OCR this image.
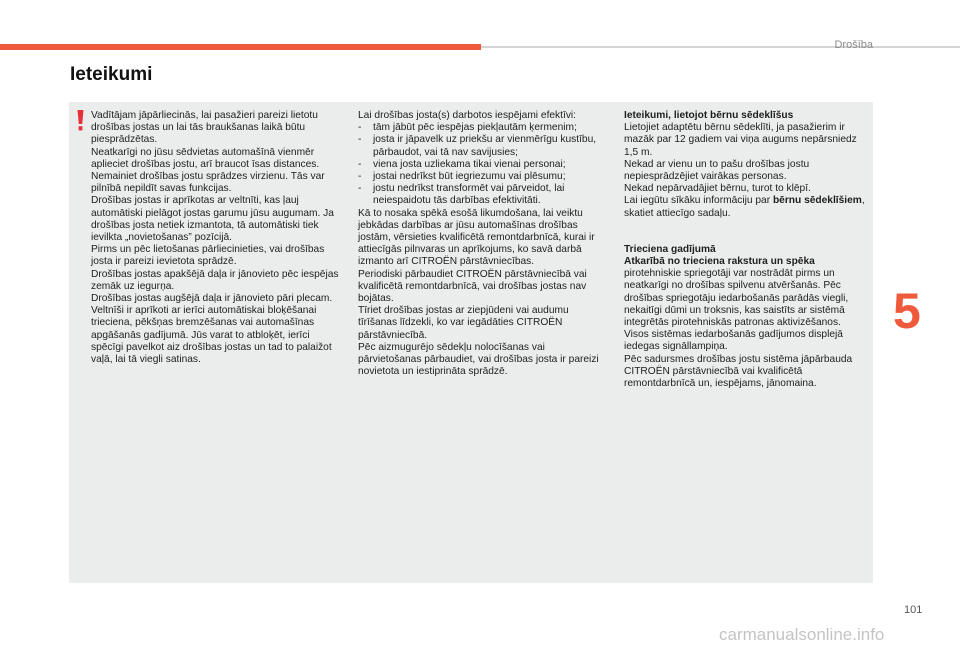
Drošība
Ieteikumi

Vadītājam jāpārliecinās, lai pasažieri pareizi lietotu drošības jostas un lai tās braukšanas laikā būtu piesprādzētas.

Neatkarīgi no jūsu sēdvietas automašīnā vienmēr aplieciet drošības jostu, arī braucot īsas distances.

Nemainiet drošības jostu sprādzes virzienu. Tās var pilnībā nepildīt savas funkcijas.

Drošības jostas ir aprīkotas ar veltnīti, kas ļauj automātiski pielāgot jostas garumu jūsu augumam. Ja drošības josta netiek izmantota, tā automātiski tiek ievilkta „novietošanas” pozīcijā.

Pirms un pēc lietošanas pārliecinieties, vai drošības josta ir pareizi ievietota sprādzē.

Drošības jostas apakšējā daļa ir jānovieto pēc iespējas zemāk uz iegurņa.

Drošības jostas augšējā daļa ir jānovieto pāri plecam.

Veltnīši ir aprīkoti ar ierīci automātiskai bloķēšanai trieciena, pēkšņas bremzēšanas vai automašīnas apgāšanās gadījumā. Jūs varat to atbloķēt, ierīci spēcīgi pavelkot aiz drošības jostas un tad to palaižot vaļā, lai tā viegli satinas.

Lai drošības josta(s) darbotos iespējami efektīvi:

-	tām jābūt pēc iespējas piekļautām ķermenim;
-	josta ir jāpavelk uz priekšu ar vienmērīgu kustību, pārbaudot, vai tā nav savijusies;
-	viena josta uzliekama tikai vienai personai;
-	jostai nedrīkst būt iegriezumu vai plēsumu;
-	jostu nedrīkst transformēt vai pārveidot, lai neiespaidotu tās darbības efektivitāti.

Kā to nosaka spēkā esošā likumdošana, lai veiktu jebkādas darbības ar jūsu automašīnas drošības jostām, vērsieties kvalificētā remontdarbnīcā, kurai ir attiecīgās pilnvaras un aprīkojums, ko savā darbā izmanto arī CITROËN pārstāvniecības.

Periodiski pārbaudiet CITROËN pārstāvniecībā vai kvalificētā remontdarbnīcā, vai drošības jostas nav bojātas.

Tīriet drošības jostas ar ziepjūdeni vai audumu tīrīšanas līdzekli, ko var iegādāties CITROËN pārstāvniecībā.

Pēc aizmugurējo sēdekļu nolocīšanas vai pārvietošanas pārbaudiet, vai drošības josta ir pareizi novietota un iestiprināta sprādzē.

Ieteikumi, lietojot bērnu sēdeklīšus

Lietojiet adaptētu bērnu sēdeklīti, ja pasažierim ir mazāk par 12 gadiem vai viņa augums nepārsniedz 1,5 m.

Nekad ar vienu un to pašu drošības jostu nepiesprādzējiet vairākas personas.

Nekad nepārvadājiet bērnu, turot to klēpī.

Lai iegūtu sīkāku informāciju par bērnu sēdeklīšiem, skatiet attiecīgo sadaļu.

Trieciena gadījumā

Atkarībā no trieciena rakstura un spēka

pirotehniskie spriegotāji var nostrādāt pirms un neatkarīgi no drošības spilvenu atvēršanās. Pēc drošības spriegotāju iedarbošanās parādās viegli, nekaitīgi dūmi un troksnis, kas saistīts ar sistēmā integrētās pirotehniskās patronas aktivizēšanos.

Visos sistēmas iedarbošanās gadījumos displejā iedegas signāllampiņa.

Pēc sadursmes drošības jostu sistēma jāpārbauda CITROËN pārstāvniecībā vai kvalificētā remontdarbnīcā un, iespējams, jānomaina.

5
101
carmanualsonline.info
